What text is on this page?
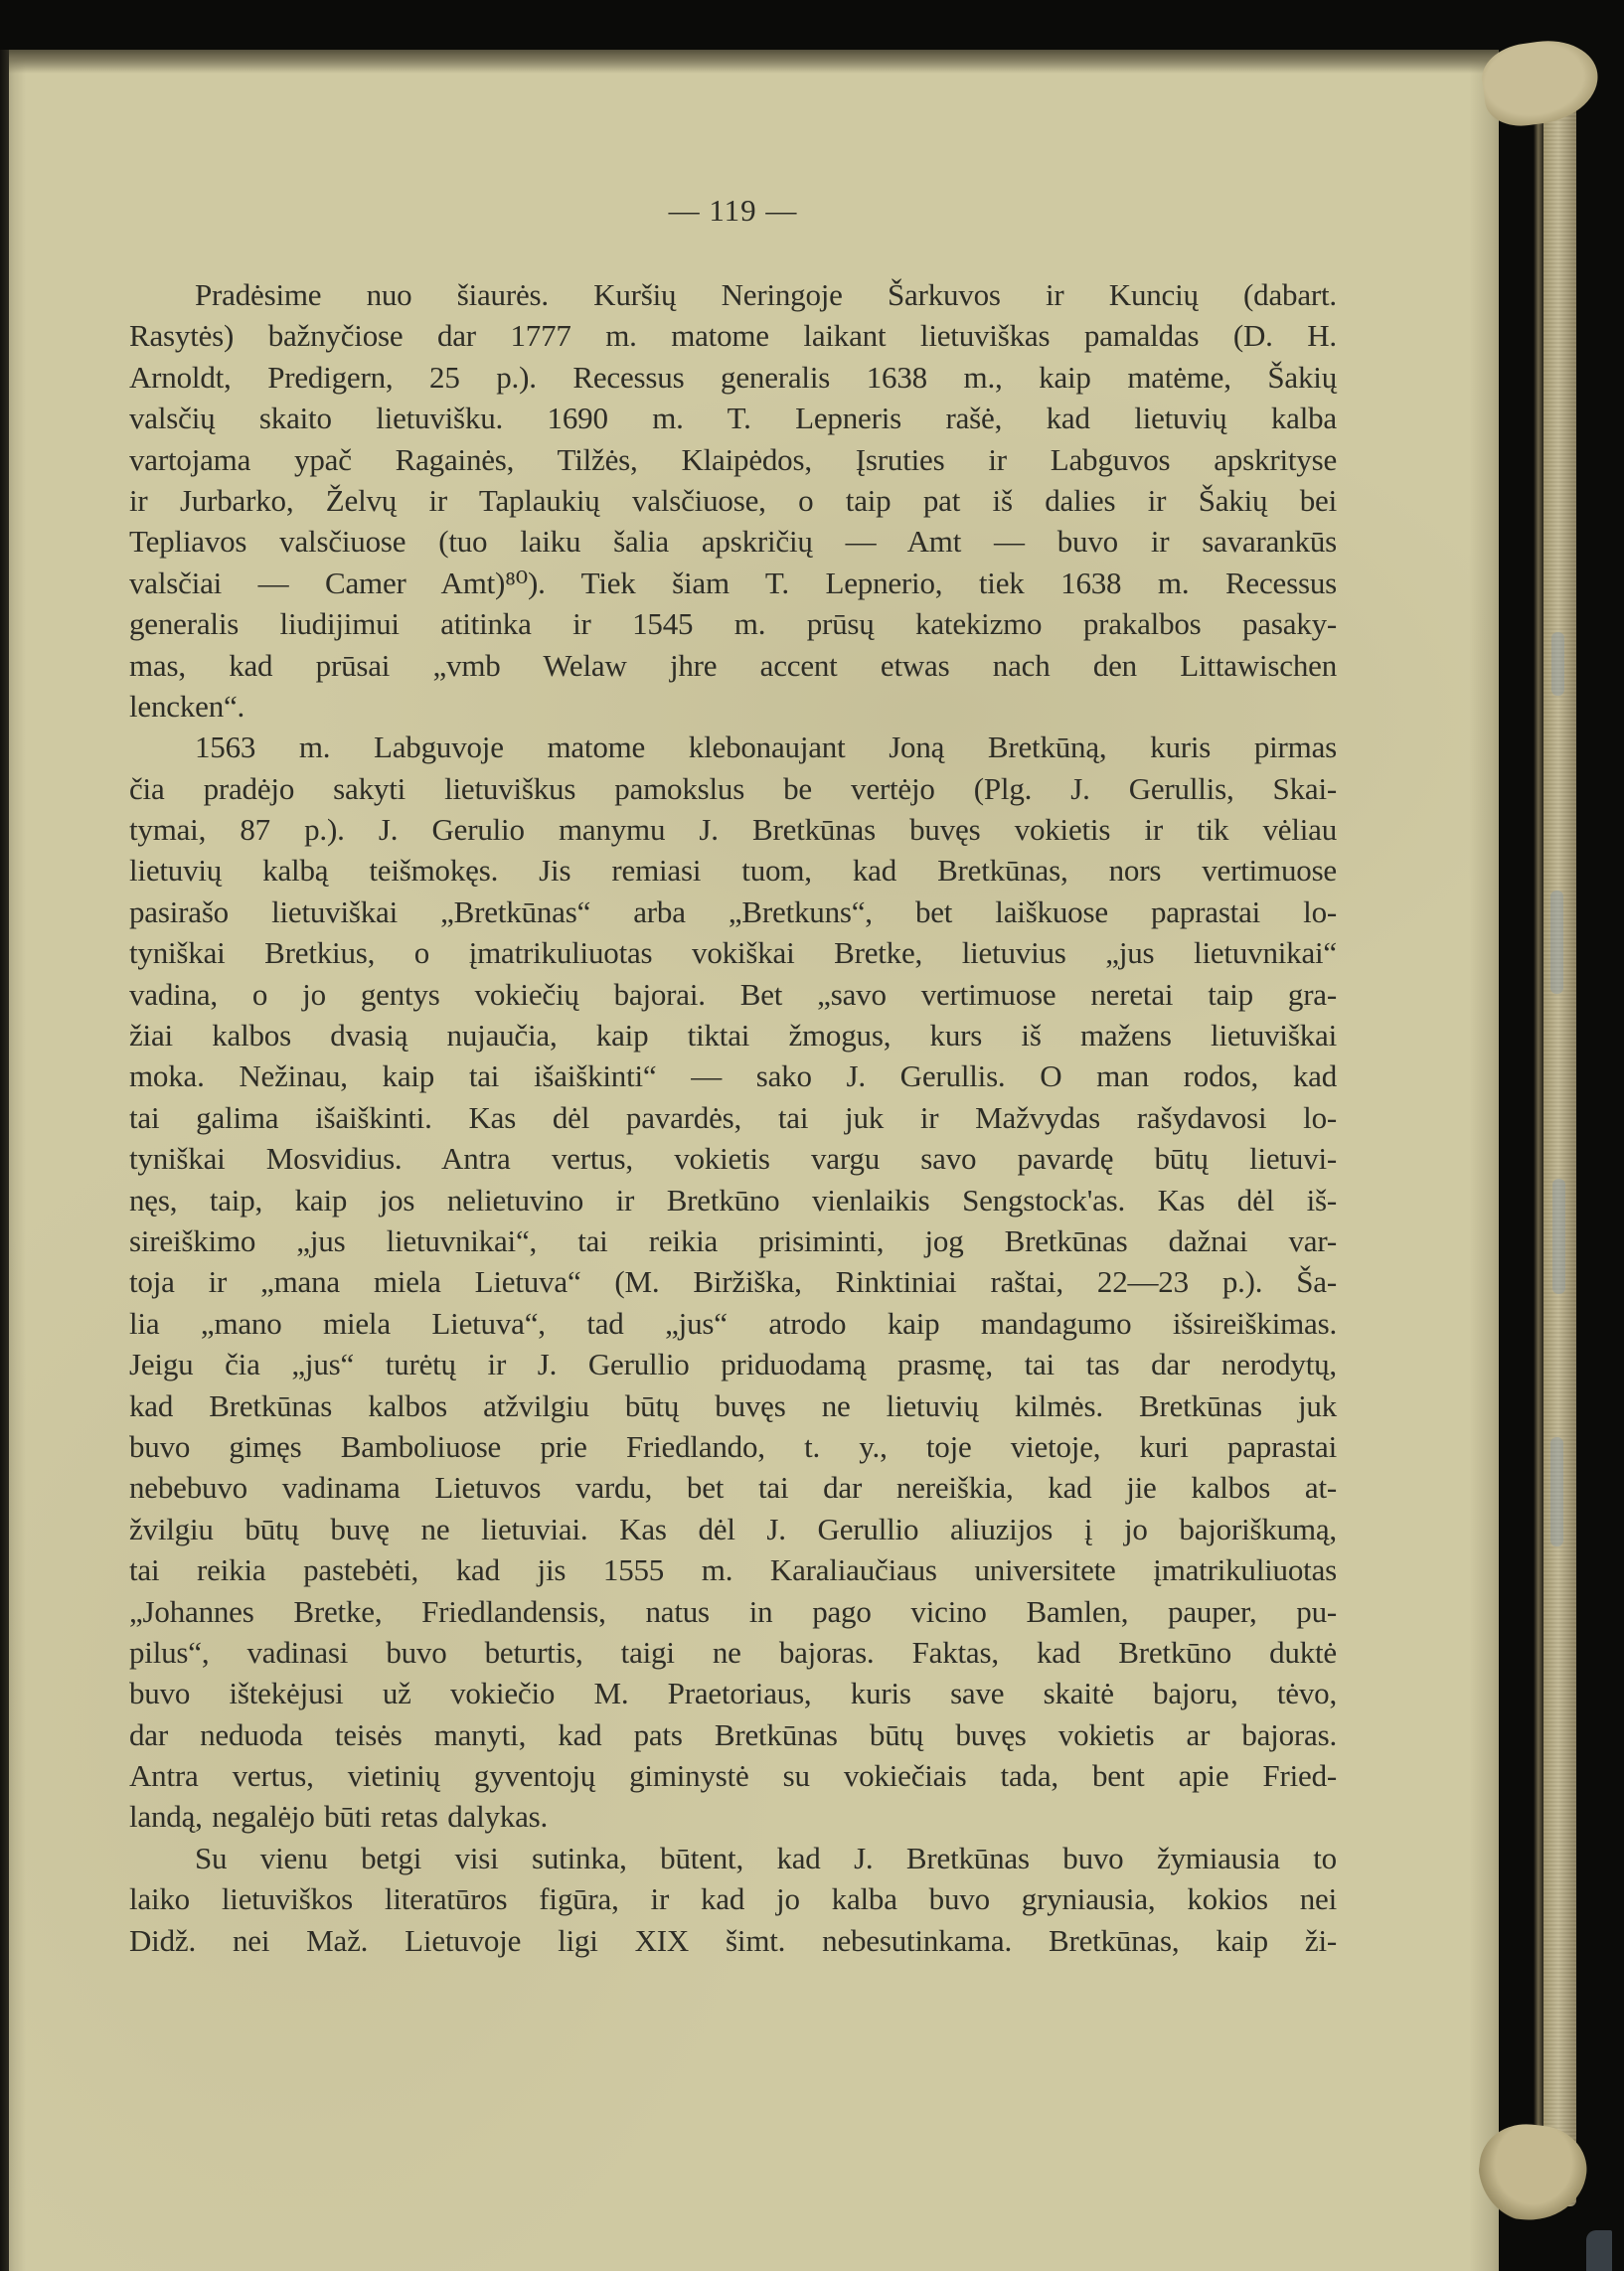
— 119 —
Pradėsime nuo šiaurės. Kuršių Neringoje Šarkuvos ir Kuncių (dabart.
Rasytės) bažnyčiose dar 1777 m. matome laikant lietuviškas pamaldas (D. H.
Arnoldt, Predigern, 25 p.). Recessus generalis 1638 m., kaip matėme, Šakių
valsčių skaito lietuvišku. 1690 m. T. Lepneris rašė, kad lietuvių kalba
vartojama ypač Ragainės, Tilžės, Klaipėdos, Įsruties ir Labguvos apskrityse
ir Jurbarko, Želvų ir Taplaukių valsčiuose, o taip pat iš dalies ir Šakių bei
Tepliavos valsčiuose (tuo laiku šalia apskričių — Amt — buvo ir savarankūs
valsčiai — Camer Amt)⁸⁰). Tiek šiam T. Lepnerio, tiek 1638 m. Recessus
generalis liudijimui atitinka ir 1545 m. prūsų katekizmo prakalbos pasaky-
mas, kad prūsai „vmb Welaw jhre accent etwas nach den Littawischen
lencken“.
1563 m. Labguvoje matome klebonaujant Joną Bretkūną, kuris pirmas
čia pradėjo sakyti lietuviškus pamokslus be vertėjo (Plg. J. Gerullis, Skai-
tymai, 87 p.). J. Gerulio manymu J. Bretkūnas buvęs vokietis ir tik vėliau
lietuvių kalbą teišmokęs. Jis remiasi tuom, kad Bretkūnas, nors vertimuose
pasirašo lietuviškai „Bretkūnas“ arba „Bretkuns“, bet laiškuose paprastai lo-
tyniškai Bretkius, o įmatrikuliuotas vokiškai Bretke, lietuvius „jus lietuvnikai“
vadina, o jo gentys vokiečių bajorai. Bet „savo vertimuose neretai taip gra-
žiai kalbos dvasią nujaučia, kaip tiktai žmogus, kurs iš mažens lietuviškai
moka. Nežinau, kaip tai išaiškinti“ — sako J. Gerullis. O man rodos, kad
tai galima išaiškinti. Kas dėl pavardės, tai juk ir Mažvydas rašydavosi lo-
tyniškai Mosvidius. Antra vertus, vokietis vargu savo pavardę būtų lietuvi-
nęs, taip, kaip jos nelietuvino ir Bretkūno vienlaikis Sengstock'as. Kas dėl iš-
sireiškimo „jus lietuvnikai“, tai reikia prisiminti, jog Bretkūnas dažnai var-
toja ir „mana miela Lietuva“ (M. Biržiška, Rinktiniai raštai, 22—23 p.). Ša-
lia „mano miela Lietuva“, tad „jus“ atrodo kaip mandagumo išsireiškimas.
Jeigu čia „jus“ turėtų ir J. Gerullio priduodamą prasmę, tai tas dar nerodytų,
kad Bretkūnas kalbos atžvilgiu būtų buvęs ne lietuvių kilmės. Bretkūnas juk
buvo gimęs Bamboliuose prie Friedlando, t. y., toje vietoje, kuri paprastai
nebebuvo vadinama Lietuvos vardu, bet tai dar nereiškia, kad jie kalbos at-
žvilgiu būtų buvę ne lietuviai. Kas dėl J. Gerullio aliuzijos į jo bajoriškumą,
tai reikia pastebėti, kad jis 1555 m. Karaliaučiaus universitete įmatrikuliuotas
„Johannes Bretke, Friedlandensis, natus in pago vicino Bamlen, pauper, pu-
pilus“, vadinasi buvo beturtis, taigi ne bajoras. Faktas, kad Bretkūno duktė
buvo ištekėjusi už vokiečio M. Praetoriaus, kuris save skaitė bajoru, tėvo,
dar neduoda teisės manyti, kad pats Bretkūnas būtų buvęs vokietis ar bajoras.
Antra vertus, vietinių gyventojų giminystė su vokiečiais tada, bent apie Fried-
landą, negalėjo būti retas dalykas.
Su vienu betgi visi sutinka, būtent, kad J. Bretkūnas buvo žymiausia to
laiko lietuviškos literatūros figūra, ir kad jo kalba buvo gryniausia, kokios nei
Didž. nei Maž. Lietuvoje ligi XIX šimt. nebesutinkama. Bretkūnas, kaip ži-
